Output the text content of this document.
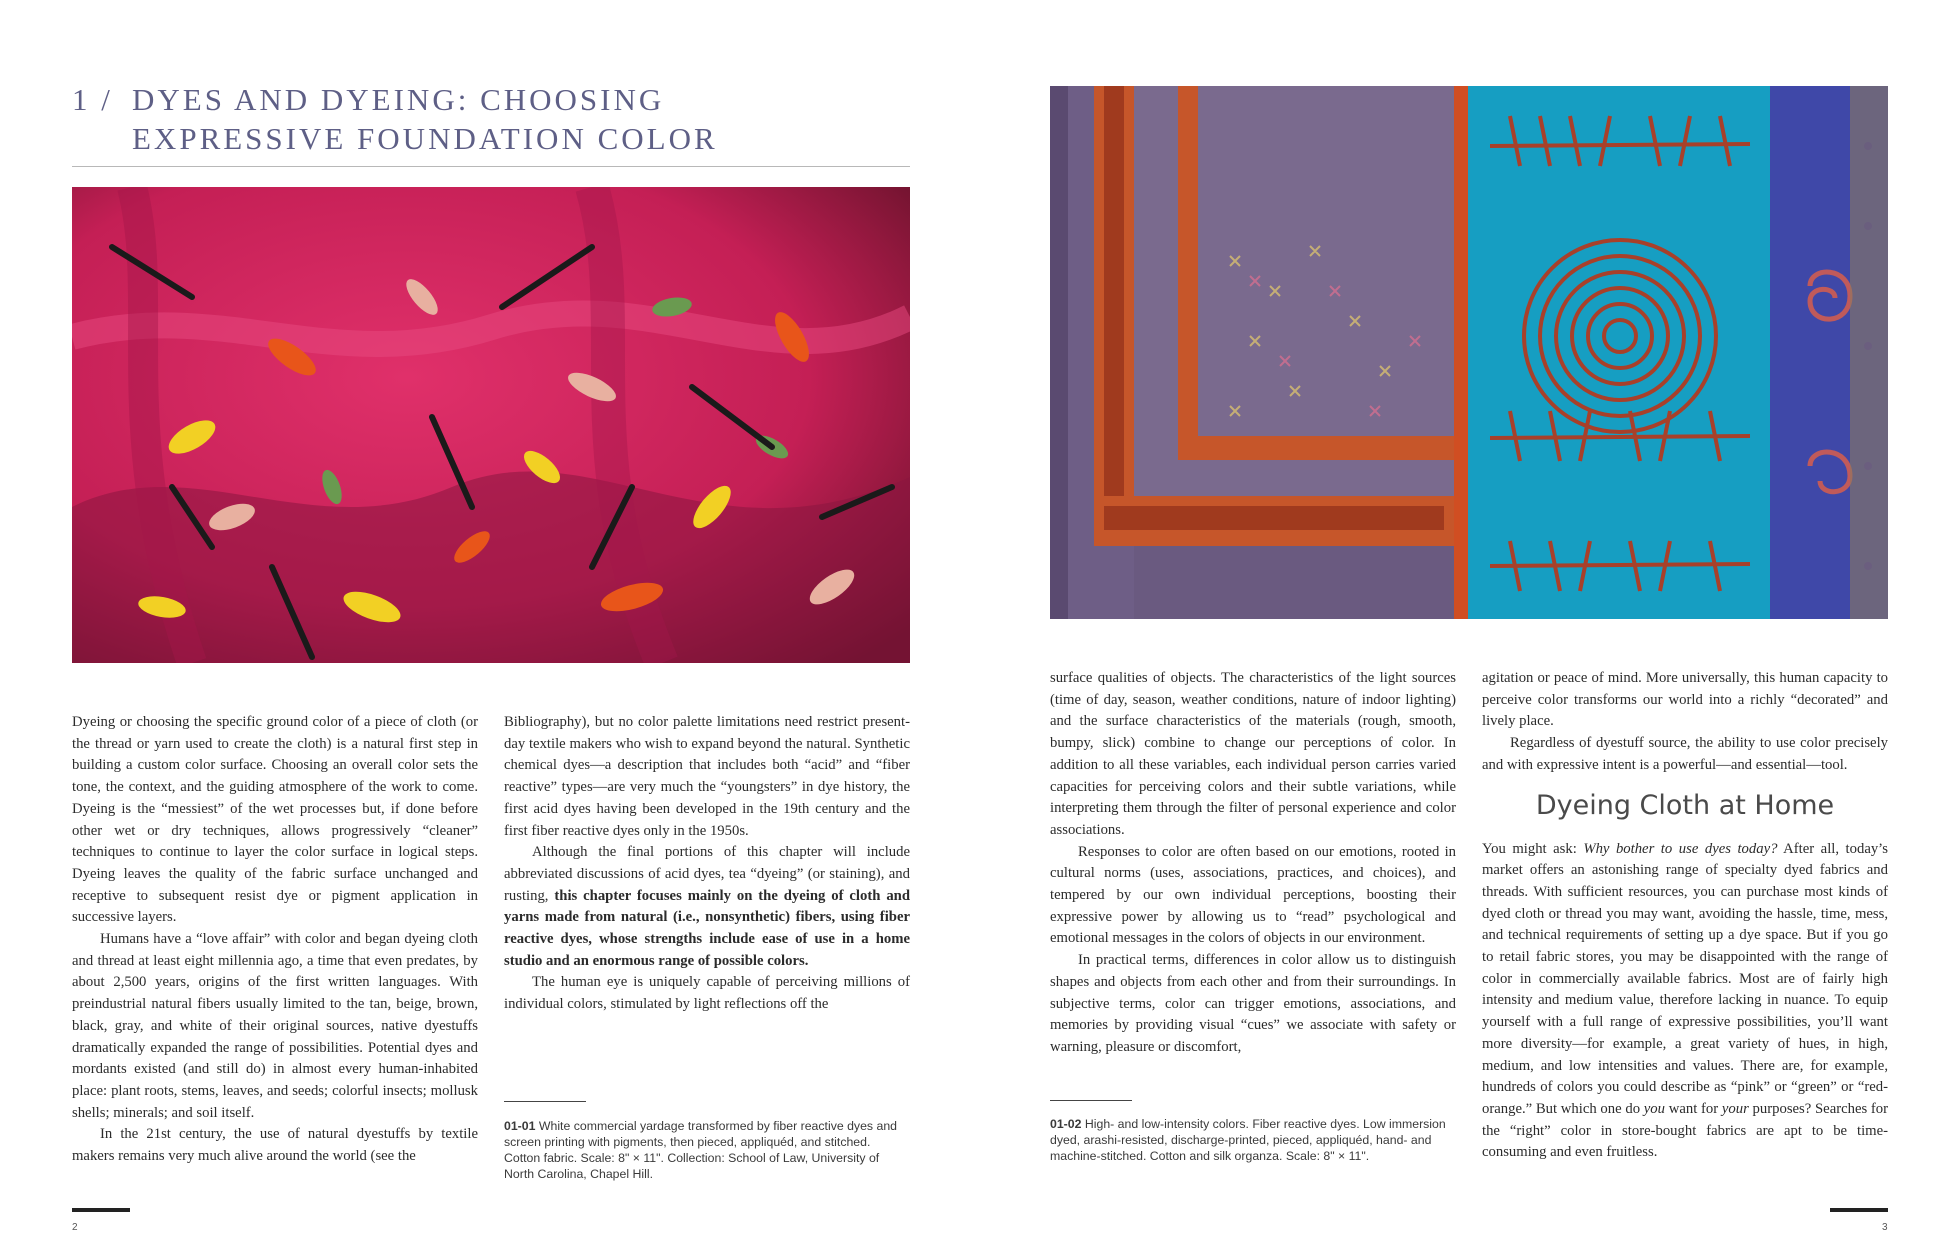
1 / DYES AND DYEING: CHOOSING
EXPRESSIVE FOUNDATION COLOR

Dyeing or choosing the specific ground color of a piece of cloth (or the thread or yarn used to create the cloth) is a natural first step in building a custom color surface. Choosing an overall color sets the tone, the context, and the guiding atmosphere of the work to come. Dyeing is the “messiest” of the wet processes but, if done before other wet or dry techniques, allows progressively “cleaner” techniques to continue to layer the color surface in logical steps. Dyeing leaves the quality of the fabric surface unchanged and receptive to subsequent resist dye or pigment application in successive layers.

Humans have a “love affair” with color and began dyeing cloth and thread at least eight millennia ago, a time that even predates, by about 2,500 years, origins of the first written languages. With preindustrial natural fibers usually limited to the tan, beige, brown, black, gray, and white of their original sources, native dyestuffs dramatically expanded the range of possibilities. Potential dyes and mordants existed (and still do) in almost every human-inhabited place: plant roots, stems, leaves, and seeds; colorful insects; mollusk shells; minerals; and soil itself.

In the 21st century, the use of natural dyestuffs by textile makers remains very much alive around the world (see the

Bibliography), but no color palette limitations need restrict present-day textile makers who wish to expand beyond the natural. Synthetic chemical dyes—a description that includes both “acid” and “fiber reactive” types—are very much the “youngsters” in dye history, the first acid dyes having been developed in the 19th century and the first fiber reactive dyes only in the 1950s.

Although the final portions of this chapter will include abbreviated discussions of acid dyes, tea “dyeing” (or staining), and rusting, this chapter focuses mainly on the dyeing of cloth and yarns made from natural (i.e., nonsynthetic) fibers, using fiber reactive dyes, whose strengths include ease of use in a home studio and an enormous range of possible colors.

The human eye is uniquely capable of perceiving millions of individual colors, stimulated by light reflections off the

01-01 White commercial yardage transformed by fiber reactive dyes and screen printing with pigments, then pieced, appliquéd, and stitched. Cotton fabric. Scale: 8" × 11". Collection: School of Law, University of North Carolina, Chapel Hill.
2

surface qualities of objects. The characteristics of the light sources (time of day, season, weather conditions, nature of indoor lighting) and the surface characteristics of the materials (rough, smooth, bumpy, slick) combine to change our perceptions of color. In addition to all these variables, each individual person carries varied capacities for perceiving colors and their subtle variations, while interpreting them through the filter of personal experience and color associations.

Responses to color are often based on our emotions, rooted in cultural norms (uses, associations, practices, and choices), and tempered by our own individual perceptions, boosting their expressive power by allowing us to “read” psychological and emotional messages in the colors of objects in our environment.

In practical terms, differences in color allow us to distinguish shapes and objects from each other and from their surroundings. In subjective terms, color can trigger emotions, associations, and memories by providing visual “cues” we associate with safety or warning, pleasure or discomfort,

agitation or peace of mind. More universally, this human capacity to perceive color transforms our world into a richly “decorated” and lively place.

Regardless of dyestuff source, the ability to use color precisely and with expressive intent is a powerful—and essential—tool.

Dyeing Cloth at Home

You might ask: Why bother to use dyes today? After all, today’s market offers an astonishing range of specialty dyed fabrics and threads. With sufficient resources, you can purchase most kinds of dyed cloth or thread you may want, avoiding the hassle, time, mess, and technical requirements of setting up a dye space. But if you go to retail fabric stores, you may be disappointed with the range of color in commercially available fabrics. Most are of fairly high intensity and medium value, therefore lacking in nuance. To equip yourself with a full range of expressive possibilities, you’ll want more diversity—for example, a great variety of hues, in high, medium, and low intensities and values. There are, for example, hundreds of colors you could describe as “pink” or “green” or “red-orange.” But which one do you want for your purposes? Searches for the “right” color in store-bought fabrics are apt to be time-consuming and even fruitless.

01-02 High- and low-intensity colors. Fiber reactive dyes. Low immersion dyed, arashi-resisted, discharge-printed, pieced, appliquéd, hand- and machine-stitched. Cotton and silk organza. Scale: 8" × 11".
3
